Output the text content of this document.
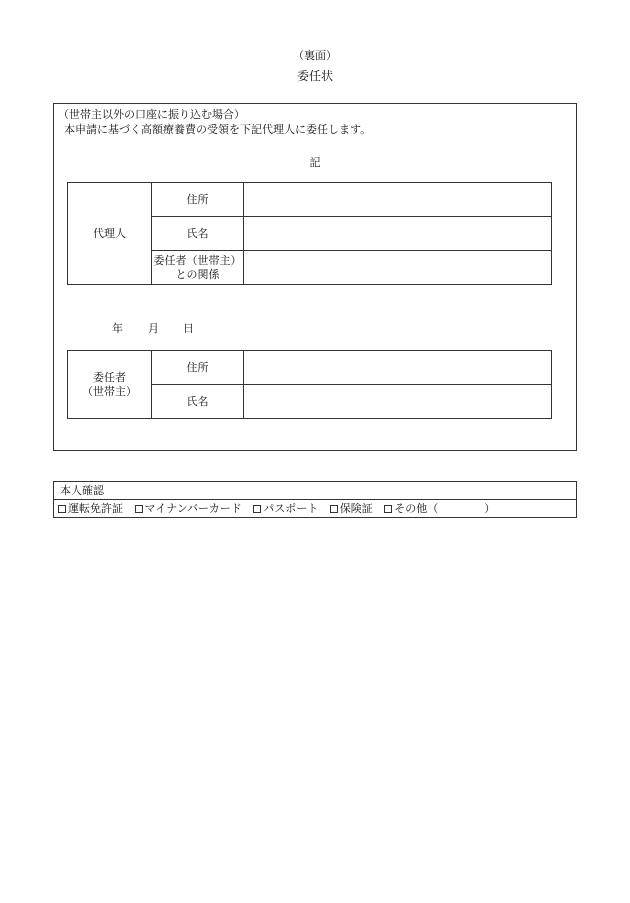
（裏面）
委任状
（世帯主以外の口座に振り込む場合）
本申請に基づく高額療養費の受領を下記代理人に委任します。
記
代理人	住所	
	氏名	

	委任者（世帯主）
との関係	

年 月 日
委任者
（世帯主）	住所	
	氏名	
本人確認
運転免許証 マイナンバーカード パスポート 保険証 その他（	）
